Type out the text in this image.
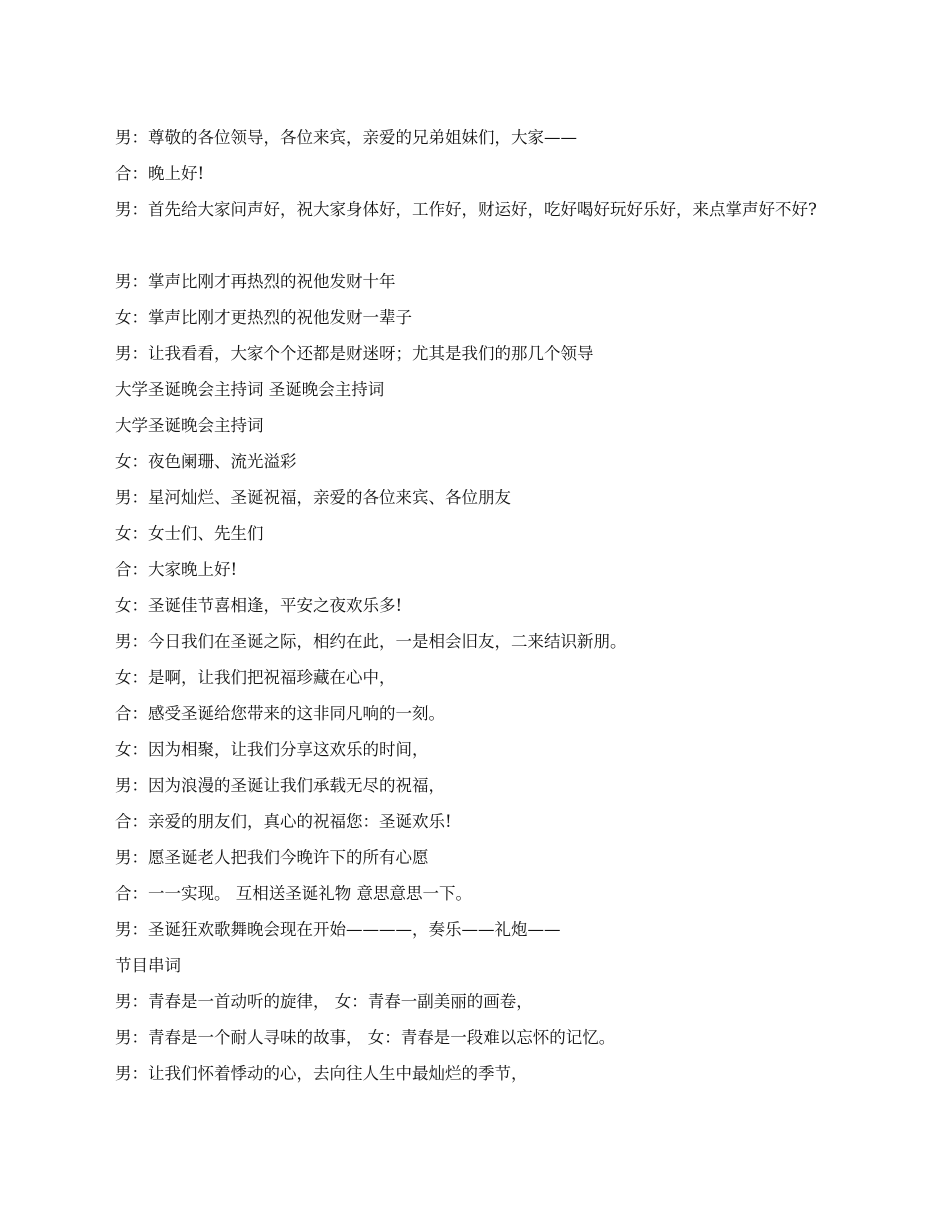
男：尊敬的各位领导，各位来宾，亲爱的兄弟姐妹们，大家——

合：晚上好!

男：首先给大家问声好，祝大家身体好，工作好，财运好，吃好喝好玩好乐好，来点掌声好不好?

男：掌声比刚才再热烈的祝他发财十年

女：掌声比刚才更热烈的祝他发财一辈子

男：让我看看，大家个个还都是财迷呀；尤其是我们的那几个领导

大学圣诞晚会主持词 圣诞晚会主持词

大学圣诞晚会主持词

女：夜色阑珊、流光溢彩

男：星河灿烂、圣诞祝福，亲爱的各位来宾、各位朋友

女：女士们、先生们

合：大家晚上好!

女：圣诞佳节喜相逢，平安之夜欢乐多!

男：今日我们在圣诞之际，相约在此，一是相会旧友，二来结识新朋。

女：是啊，让我们把祝福珍藏在心中，

合：感受圣诞给您带来的这非同凡响的一刻。

女：因为相聚，让我们分享这欢乐的时间，

男：因为浪漫的圣诞让我们承载无尽的祝福，

合：亲爱的朋友们，真心的祝福您：圣诞欢乐!

男：愿圣诞老人把我们今晚许下的所有心愿

合：一一实现。 互相送圣诞礼物 意思意思一下。

男：圣诞狂欢歌舞晚会现在开始————，奏乐——礼炮——

节目串词

男：青春是一首动听的旋律， 女：青春一副美丽的画卷，

男：青春是一个耐人寻味的故事， 女：青春是一段难以忘怀的记忆。

男：让我们怀着悸动的心，去向往人生中最灿烂的季节，
